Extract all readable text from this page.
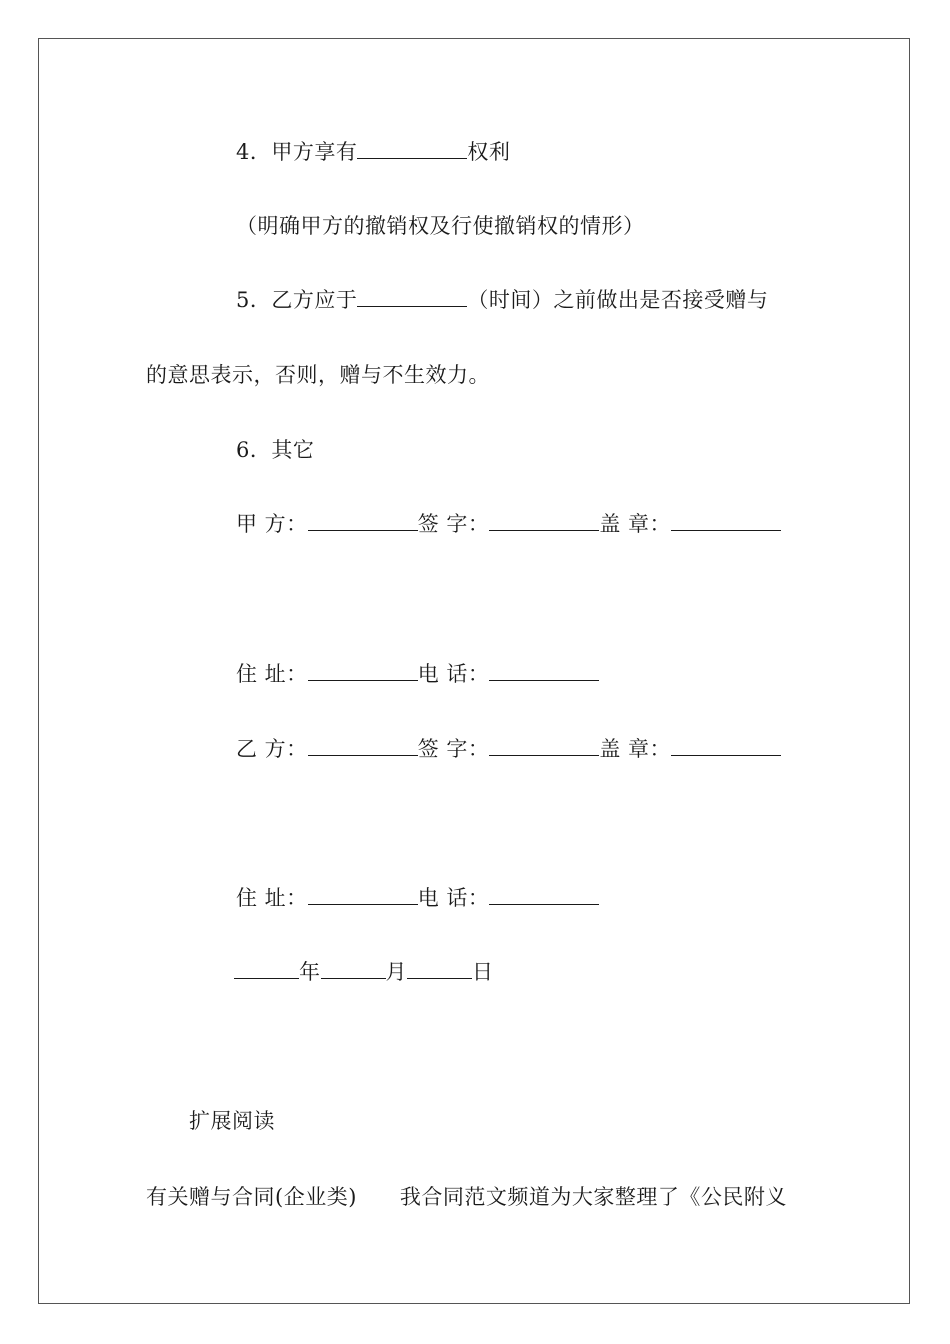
4．甲方享有	权利
（明确甲方的撤销权及行使撤销权的情形）
5．乙方应于	（时间）之前做出是否接受赠与
的意思表示，否则，赠与不生效力。
6．其它
甲 方：	签 字：	盖 章：
住 址：	电 话：
乙 方：	签 字：	盖 章：
住 址：	电 话：
年	月	日
扩展阅读
有关赠与合同(企业类)　　我合同范文频道为大家整理了《公民附义
